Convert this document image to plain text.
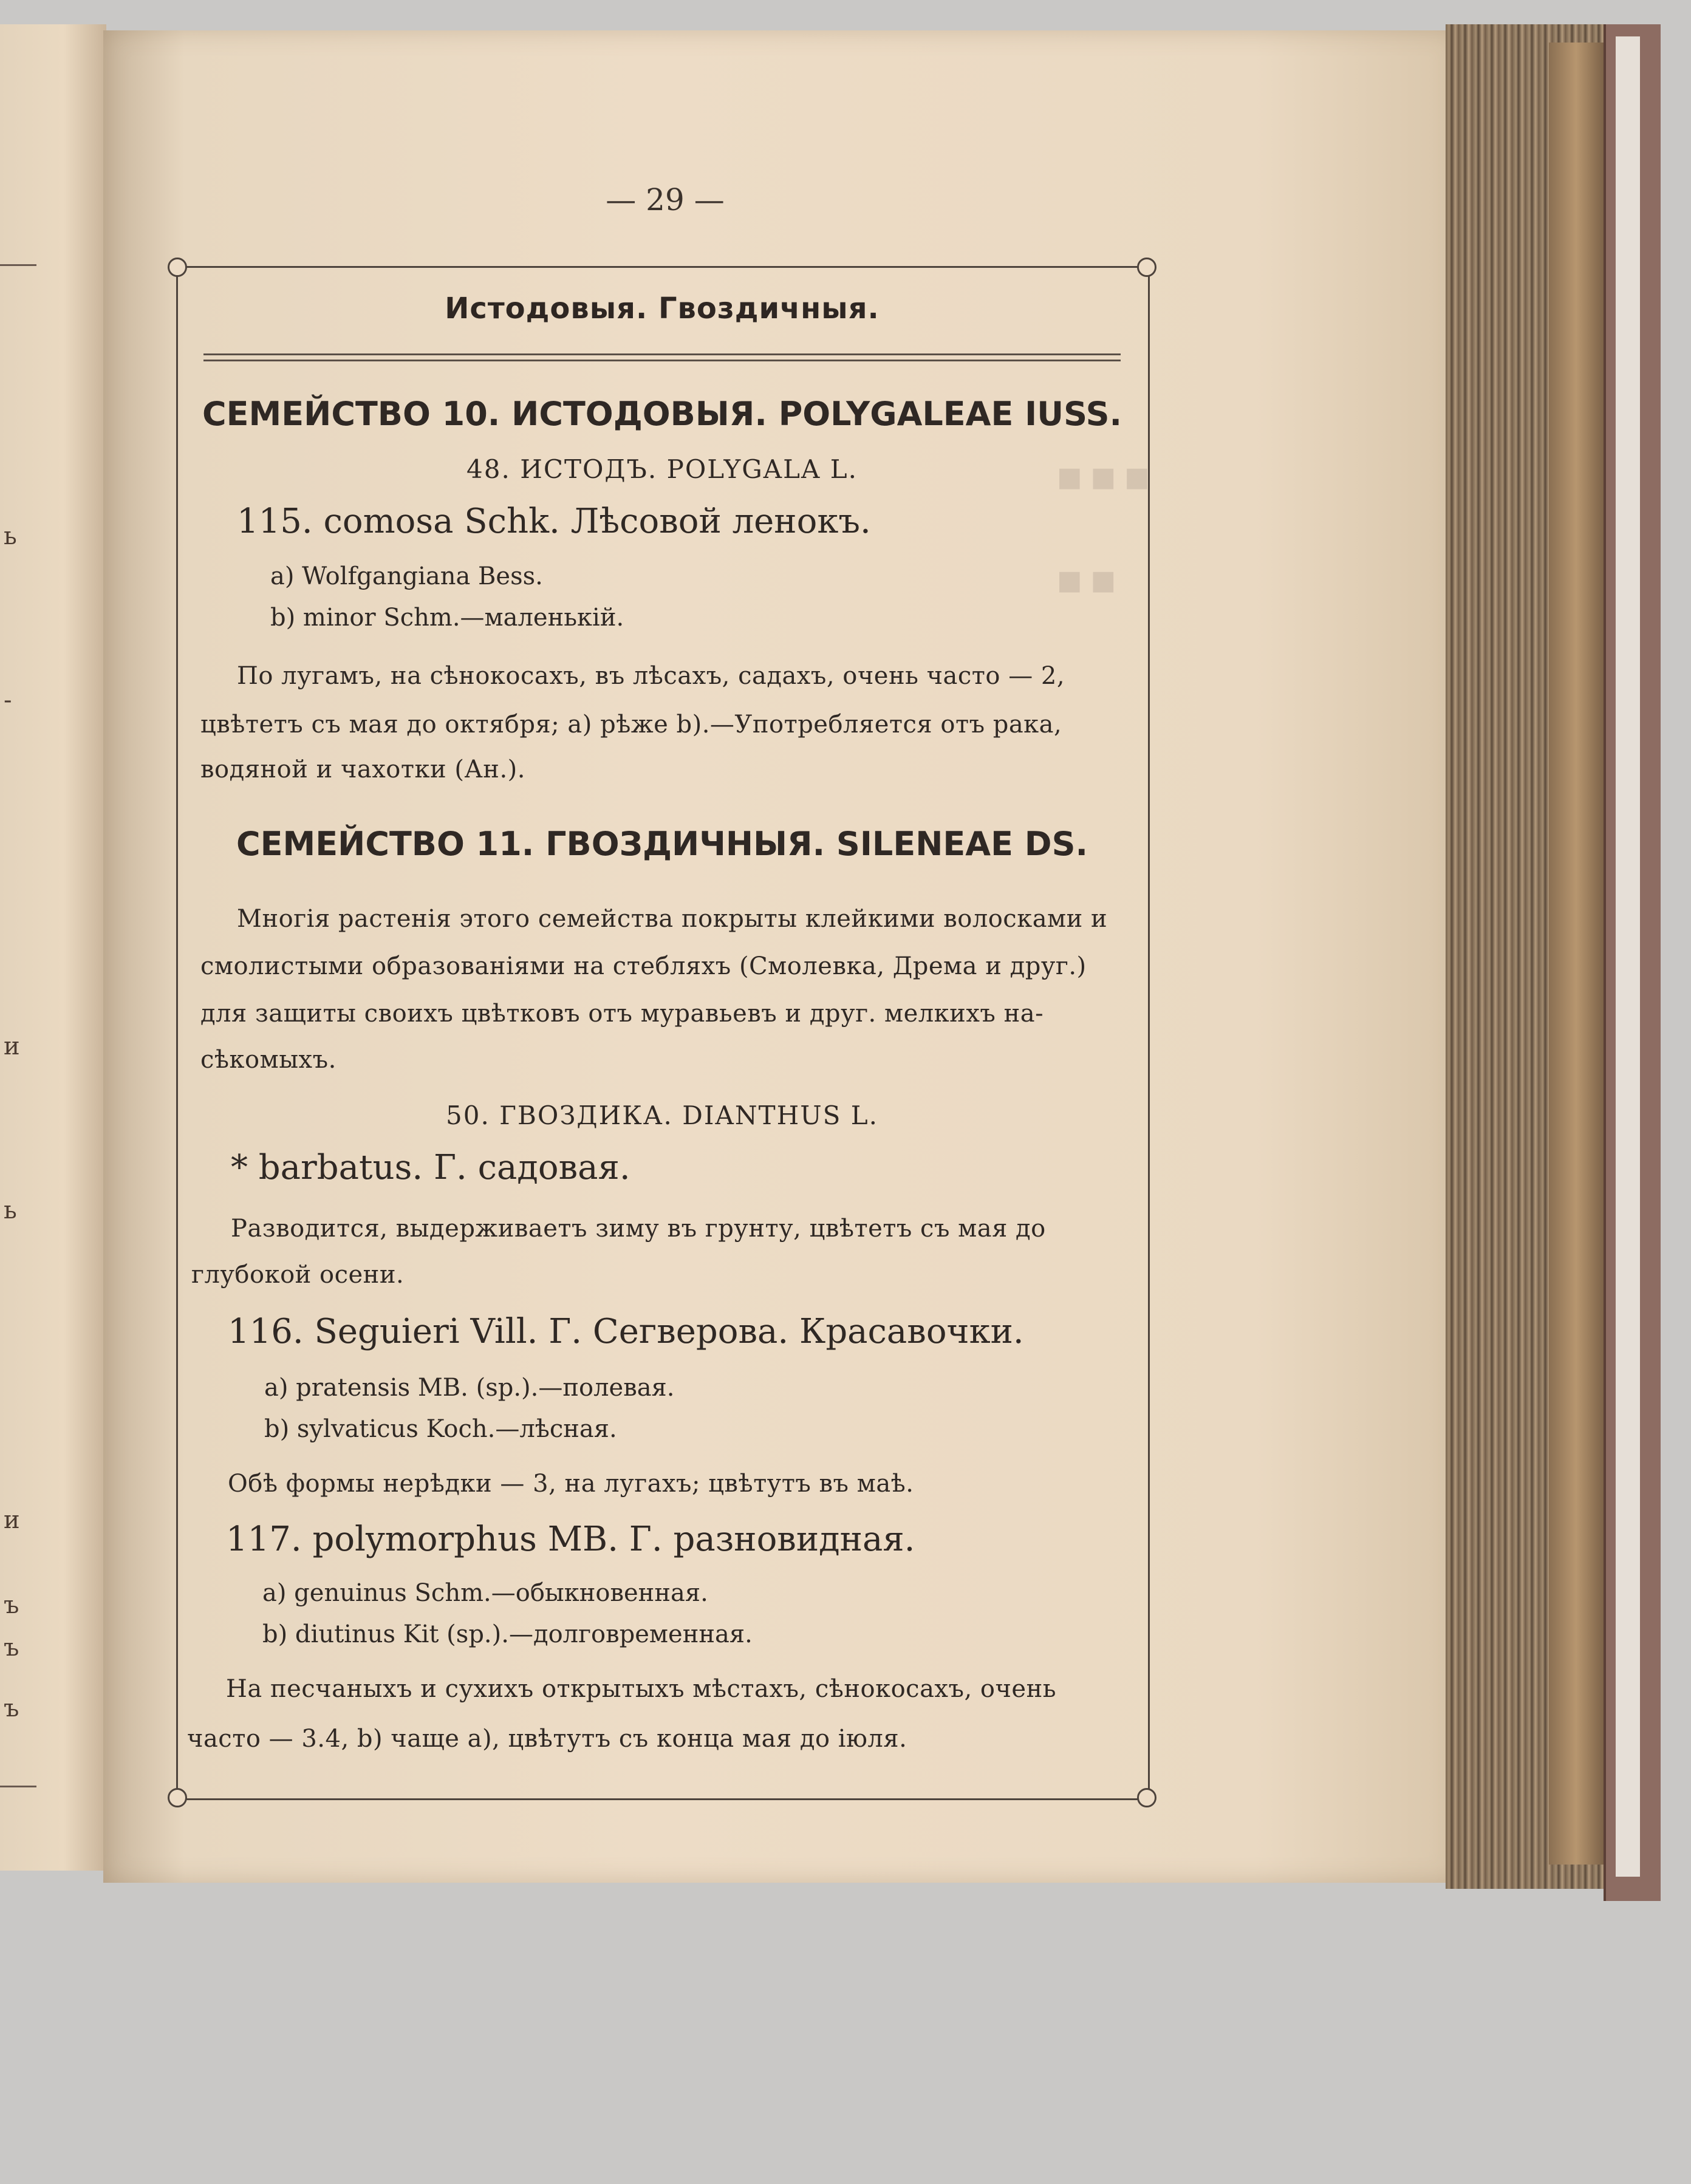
ь
-
и
ь
и
ъ
ъ
ъ
— 29 —
Истодовыя. Гвоздичныя.
■ ■ ■
■ ■
СЕМЕЙСТВО 10. ИСТОДОВЫЯ. POLYGALEAE IUSS.
48. ИСТОДЪ. POLYGALA L.
115. comosa Schk. Лѣсовой ленокъ.
a) Wolfgangiana Bess.
b) minor Schm.—маленькій.
По лугамъ, на сѣнокосахъ, въ лѣсахъ, садахъ, очень часто — 2,
цвѣтетъ съ мая до октября; a) рѣже b).—Употребляется отъ рака,
водяной и чахотки (Ан.).
СЕМЕЙСТВО 11. ГВОЗДИЧНЫЯ. SILENEAE DS.
Многія растенія этого семейства покрыты клейкими волосками и
смолистыми образованіями на стебляхъ (Смолевка, Дрема и друг.)
для защиты своихъ цвѣтковъ отъ муравьевъ и друг. мелкихъ на-
сѣкомыхъ.
50. ГВОЗДИКА. DIANTHUS L.
* barbatus. Г. садовая.
Разводится, выдерживаетъ зиму въ грунту, цвѣтетъ съ мая до
глубокой осени.
116. Seguieri Vill. Г. Сегверова. Красавочки.
a) pratensis MB. (sp.).—полевая.
b) sylvaticus Koch.—лѣсная.
Обѣ формы нерѣдки — 3, на лугахъ; цвѣтутъ въ маѣ.
117. polymorphus MB. Г. разновидная.
a) genuinus Schm.—обыкновенная.
b) diutinus Kit (sp.).—долговременная.
На песчаныхъ и сухихъ открытыхъ мѣстахъ, сѣнокосахъ, очень
часто — 3.4, b) чаще a), цвѣтутъ съ конца мая до іюля.
